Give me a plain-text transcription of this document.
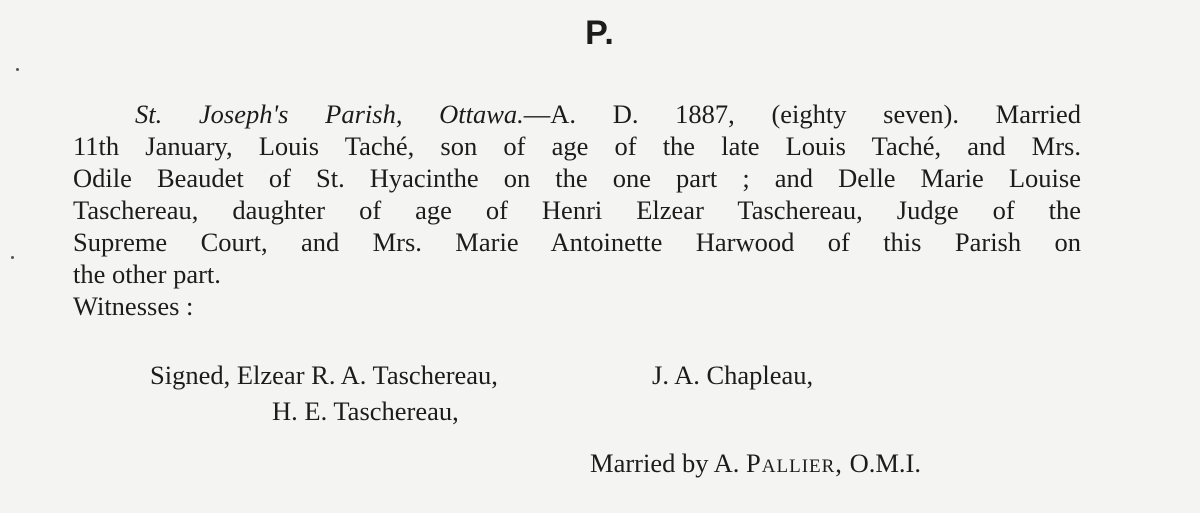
P.
St. Joseph's Parish, Ottawa.—A. D. 1887, (eighty seven). Married
11th January, Louis Taché, son of age of the late Louis Taché, and Mrs.
Odile Beaudet of St. Hyacinthe on the one part ; and Delle Marie Louise
Taschereau, daughter of age of Henri Elzear Taschereau, Judge of the
Supreme Court, and Mrs. Marie Antoinette Harwood of this Parish on
the other part.
Witnesses :
Signed, Elzear R. A. Taschereau,	J. A. Chapleau,
H. E. Taschereau,
Married by A. Pallier, O.M.I.
